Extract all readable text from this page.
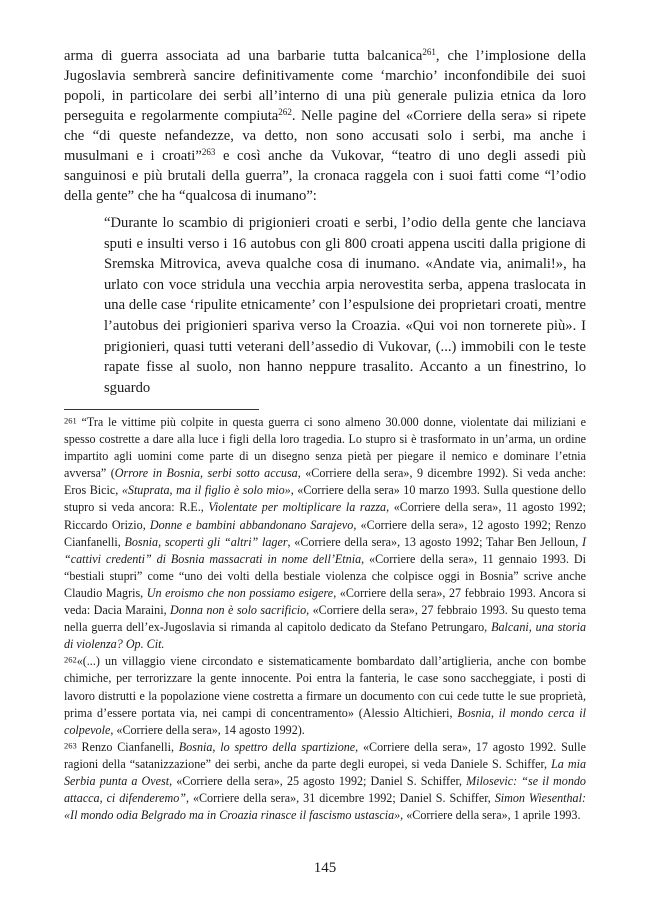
arma di guerra associata ad una barbarie tutta balcanica$^{261}$, che l’implosione della Jugoslavia sembrerà sancire definitivamente come ‘marchio’ inconfondibile dei suoi popoli, in particolare dei serbi all’interno di una più generale pulizia etnica da loro perseguita e regolarmente compiuta$^{262}$. Nelle pagine del «Corriere della sera» si ripete che “di queste nefandezze, va detto, non sono accusati solo i serbi, ma anche i musulmani e i croati”$^{263}$ e così anche da Vukovar, “teatro di uno degli assedi più sanguinosi e più brutali della guerra”, la cronaca raggela con i suoi fatti come “l’odio della gente” che ha “qualcosa di inumano”:

“Durante lo scambio di prigionieri croati e serbi, l’odio della gente che lanciava sputi e insulti verso i 16 autobus con gli 800 croati appena usciti dalla prigione di Sremska Mitrovica, aveva qualche cosa di inumano. «Andate via, animali!», ha urlato con voce stridula una vecchia arpia nerovestita serba, appena traslocata in una delle case ‘ripulite etnicamente’ con l’espulsione dei proprietari croati, mentre l’autobus dei prigionieri spariva verso la Croazia. «Qui voi non tornerete più». I prigionieri, quasi tutti veterani dell’assedio di Vukovar, (...) immobili con le teste rapate fisse al suolo, non hanno neppure trasalito. Accanto a un finestrino, lo sguardo

$^{261}$ “Tra le vittime più colpite in questa guerra ci sono almeno 30.000 donne, violentate dai miliziani e spesso costrette a dare alla luce i figli della loro tragedia. Lo stupro si è trasformato in un’arma, un ordine impartito agli uomini come parte di un disegno senza pietà per piegare il nemico e dominare l’etnia avversa” (Orrore in Bosnia, serbi sotto accusa, «Corriere della sera», 9 dicembre 1992). Si veda anche: Eros Bicic, «Stuprata, ma il figlio è solo mio», «Corriere della sera» 10 marzo 1993. Sulla questione dello stupro si veda ancora: R.E., Violentate per moltiplicare la razza, «Corriere della sera», 11 agosto 1992; Riccardo Orizio, Donne e bambini abbandonano Sarajevo, «Corriere della sera», 12 agosto 1992; Renzo Cianfanelli, Bosnia, scoperti gli “altri” lager, «Corriere della sera», 13 agosto 1992; Tahar Ben Jelloun, I “cattivi credenti” di Bosnia massacrati in nome dell’Etnia, «Corriere della sera», 11 gennaio 1993. Di “bestiali stupri” come “uno dei volti della bestiale violenza che colpisce oggi in Bosnia” scrive anche Claudio Magris, Un eroismo che non possiamo esigere, «Corriere della sera», 27 febbraio 1993. Ancora si veda: Dacia Maraini, Donna non è solo sacrificio, «Corriere della sera», 27 febbraio 1993. Su questo tema nella guerra dell’ex-Jugoslavia si rimanda al capitolo dedicato da Stefano Petrungaro, Balcani, una storia di violenza? Op. Cit.

$^{262}$«(...) un villaggio viene circondato e sistematicamente bombardato dall’artiglieria, anche con bombe chimiche, per terrorizzare la gente innocente. Poi entra la fanteria, le case sono saccheggiate, i posti di lavoro distrutti e la popolazione viene costretta a firmare un documento con cui cede tutte le sue proprietà, prima d’essere portata via, nei campi di concentramento» (Alessio Altichieri, Bosnia, il mondo cerca il colpevole, «Corriere della sera», 14 agosto 1992).

$^{263}$ Renzo Cianfanelli, Bosnia, lo spettro della spartizione, «Corriere della sera», 17 agosto 1992. Sulle ragioni della “satanizzazione” dei serbi, anche da parte degli europei, si veda Daniele S. Schiffer, La mia Serbia punta a Ovest, «Corriere della sera», 25 agosto 1992; Daniel S. Schiffer, Milosevic: “se il mondo attacca, ci difenderemo”, «Corriere della sera», 31 dicembre 1992; Daniel S. Schiffer, Simon Wiesenthal: «Il mondo odia Belgrado ma in Croazia rinasce il fascismo ustascia», «Corriere della sera», 1 aprile 1993.

145
